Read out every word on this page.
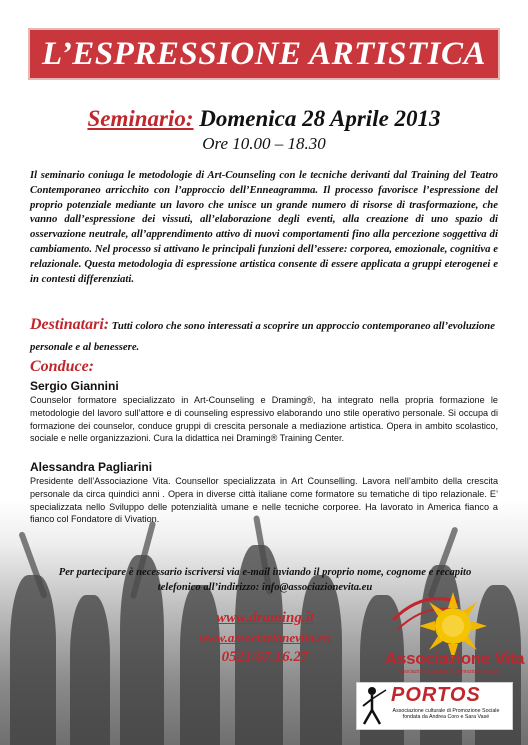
L’ESPRESSIONE ARTISTICA
Seminario: Domenica 28 Aprile 2013
Ore 10.00 – 18.30
Il seminario coniuga le metodologie di Art-Counseling con le tecniche derivanti dal Training del Teatro Contemporaneo arricchito con l’approccio dell’Enneagramma. Il processo favorisce l’espressione del proprio potenziale mediante un lavoro che unisce un grande numero di risorse di trasformazione, che vanno dall’espressione dei vissuti, all’elaborazione degli eventi, alla creazione di uno spazio di osservazione neutrale, all’apprendimento attivo di nuovi comportamenti fino alla percezione soggettiva di cambiamento. Nel processo si attivano le principali funzioni dell’essere: corporea, emozionale, cognitiva e relazionale. Questa metodologia di espressione artistica consente di essere applicata a gruppi eterogenei e in contesti differenziati.
Destinatari: Tutti coloro che sono interessati a scoprire un approccio contemporaneo all’evoluzione personale e al benessere.
Conduce:
Sergio Giannini
Counselor formatore specializzato in Art-Counseling e Draming®, ha integrato nella propria formazione le metodologie del lavoro sull’attore e di counseling espressivo elaborando uno stile operativo personale. Si occupa di formazione dei counselor, conduce gruppi di crescita personale a mediazione artistica. Opera in ambito scolastico, sociale e nelle organizzazioni. Cura la didattica nei Draming® Training Center.
Alessandra Pagliarini
Presidente dell’Associazione Vita. Counsellor specializzata in Art Counselling. Lavora nell’ambito della crescita personale da circa quindici anni . Opera in diverse città italiane come formatore su tematiche di tipo relazionale. E’ specializzata nello Sviluppo delle potenzialità umane e nelle tecniche corporee. Ha lavorato in America fianco a fianco col Fondatore di Vivation.
Per partecipare è necessario iscriversi via e-mail inviando il proprio nome, cognome e recapito telefonico all’indirizzo: info@associazionevita.eu
www.draming.it
www.associazionevita.eu
0521/67.16.27	Associazione Vita
Associazione Culturale di Promozione Sociale
PORTOS
Associazione culturale di Promozione Sociale fondata da Andrea Coro e Sara Vasé
